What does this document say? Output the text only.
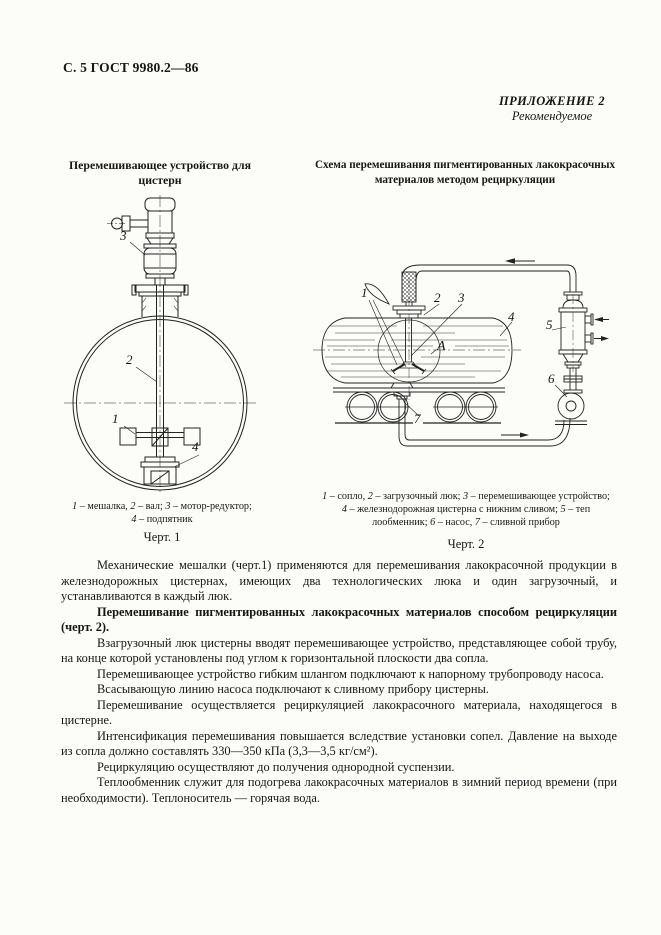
С. 5 ГОСТ 9980.2—86
ПРИЛОЖЕНИЕ 2
Рекомендуемое
Перемешивающее устройство для цистерн
Схема перемешивания пигментированных лакокрасочных материалов методом рециркуляции
3
2
1
4
1	2 3
4
А
5
6
7

1 – мешалка, 2 – вал; 3 – мотор-редуктор;
4 – подпятник

Черт. 1

1 – сопло, 2 – загрузочный люк; 3 – перемешивающее устройство;
4 – железнодорожная цистерна с нижним сливом; 5 – теп
лообменник; 6 – насос, 7 – сливной прибор

Черт. 2

Механические мешалки (черт.1) применяются для перемешивания лакокрасочной продукции в железнодорожных цистернах, имеющих два технологических люка и один загрузочный, и устанавливаются в каждый люк.

Перемешивание пигментированных лакокрасочных материалов способом рециркуляции (черт. 2).

Взагрузочный люк цистерны вводят перемешивающее устройство, представляющее собой трубу, на конце которой установлены под углом к горизонтальной плоскости два сопла.

Перемешивающее устройство гибким шлангом подключают к напорному трубопроводу насоса.

Всасывающую линию насоса подключают к сливному прибору цистерны.

Перемешивание осуществляется рециркуляцией лакокрасочного материала, находящегося в цистерне.

Интенсификация перемешивания повышается вследствие установки сопел. Давление на выходе из сопла должно составлять 330—350 кПа (3,3—3,5 кг/см²).

Рециркуляцию осуществляют до получения однородной суспензии.

Теплообменник служит для подогрева лакокрасочных материалов в зимний период времени (при необходимости). Теплоноситель — горячая вода.
